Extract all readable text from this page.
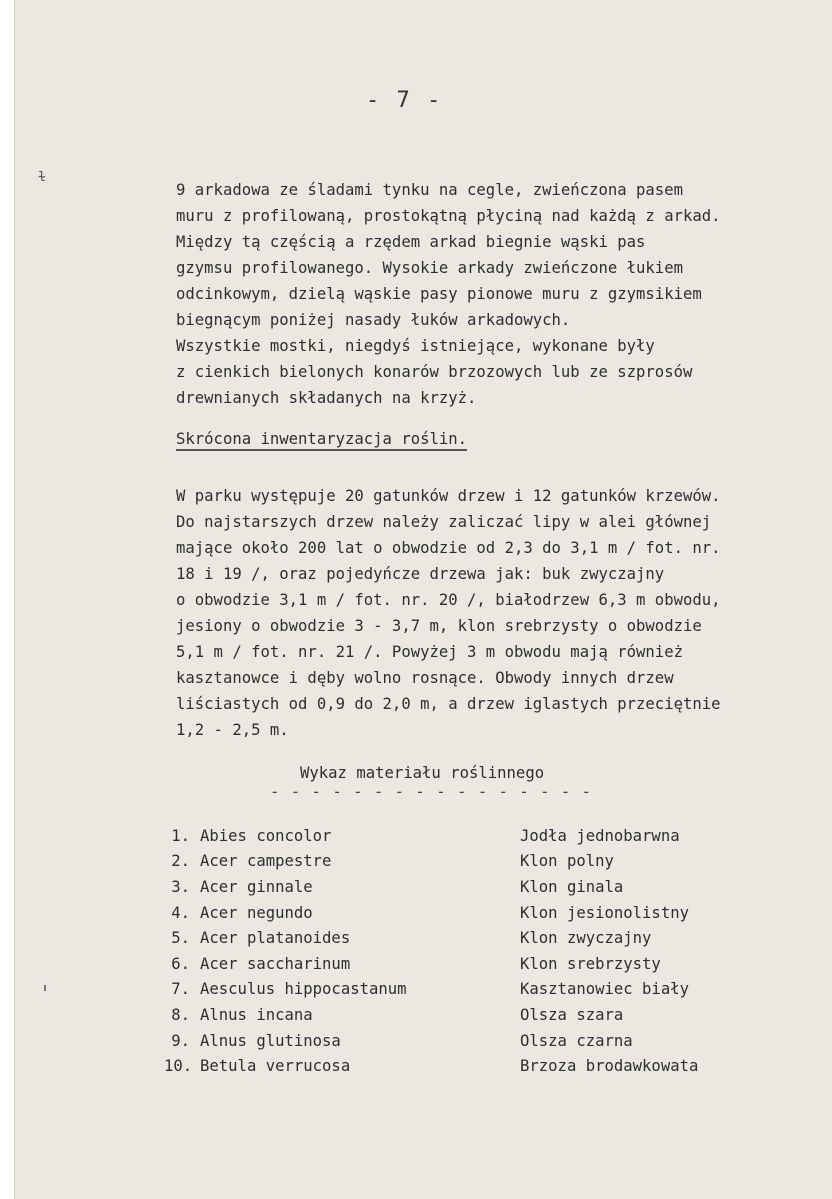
- 7 -
ɫ

9 arkadowa ze śladami tynku na cegle, zwieńczona pasem
muru z profilowaną, prostokątną płyciną nad każdą z arkad.
Między tą częścią a rzędem arkad biegnie wąski pas
gzymsu profilowanego. Wysokie arkady zwieńczone łukiem
odcinkowym, dzielą wąskie pasy pionowe muru z gzymsikiem
biegnącym poniżej nasady łuków arkadowych.
Wszystkie mostki, niegdyś istniejące, wykonane były
z cienkich bielonych konarów brzozowych lub ze szprosów
drewnianych składanych na krzyż.

Skrócona inwentaryzacja roślin.

W parku występuje 20 gatunków drzew i 12 gatunków krzewów.
Do najstarszych drzew należy zaliczać lipy w alei głównej
mające około 200 lat o obwodzie od 2,3 do 3,1 m / fot. nr.
18 i 19 /, oraz pojedyńcze drzewa jak: buk zwyczajny
o obwodzie 3,1 m / fot. nr. 20 /, białodrzew 6,3 m obwodu,
jesiony o obwodzie 3 - 3,7 m, klon srebrzysty o obwodzie
5,1 m / fot. nr. 21 /. Powyżej 3 m obwodu mają również
kasztanowce i dęby wolno rosnące. Obwody innych drzew
liściastych od 0,9 do 2,0 m, a drzew iglastych przeciętnie
1,2 - 2,5 m.

Wykaz materiału roślinnego
- - - - - - - - - - - - - - - -
1. Abies concolor	Jodła jednobarwna
2. Acer campestre	Klon polny
3. Acer ginnale	Klon ginala
4. Acer negundo	Klon jesionolistny
5. Acer platanoides	Klon zwyczajny
6. Acer saccharinum	Klon srebrzysty
7. Aesculus hippocastanum	Kasztanowiec biały
8. Alnus incana	Olsza szara
9. Alnus glutinosa	Olsza czarna
10. Betula verrucosa	Brzoza brodawkowata
